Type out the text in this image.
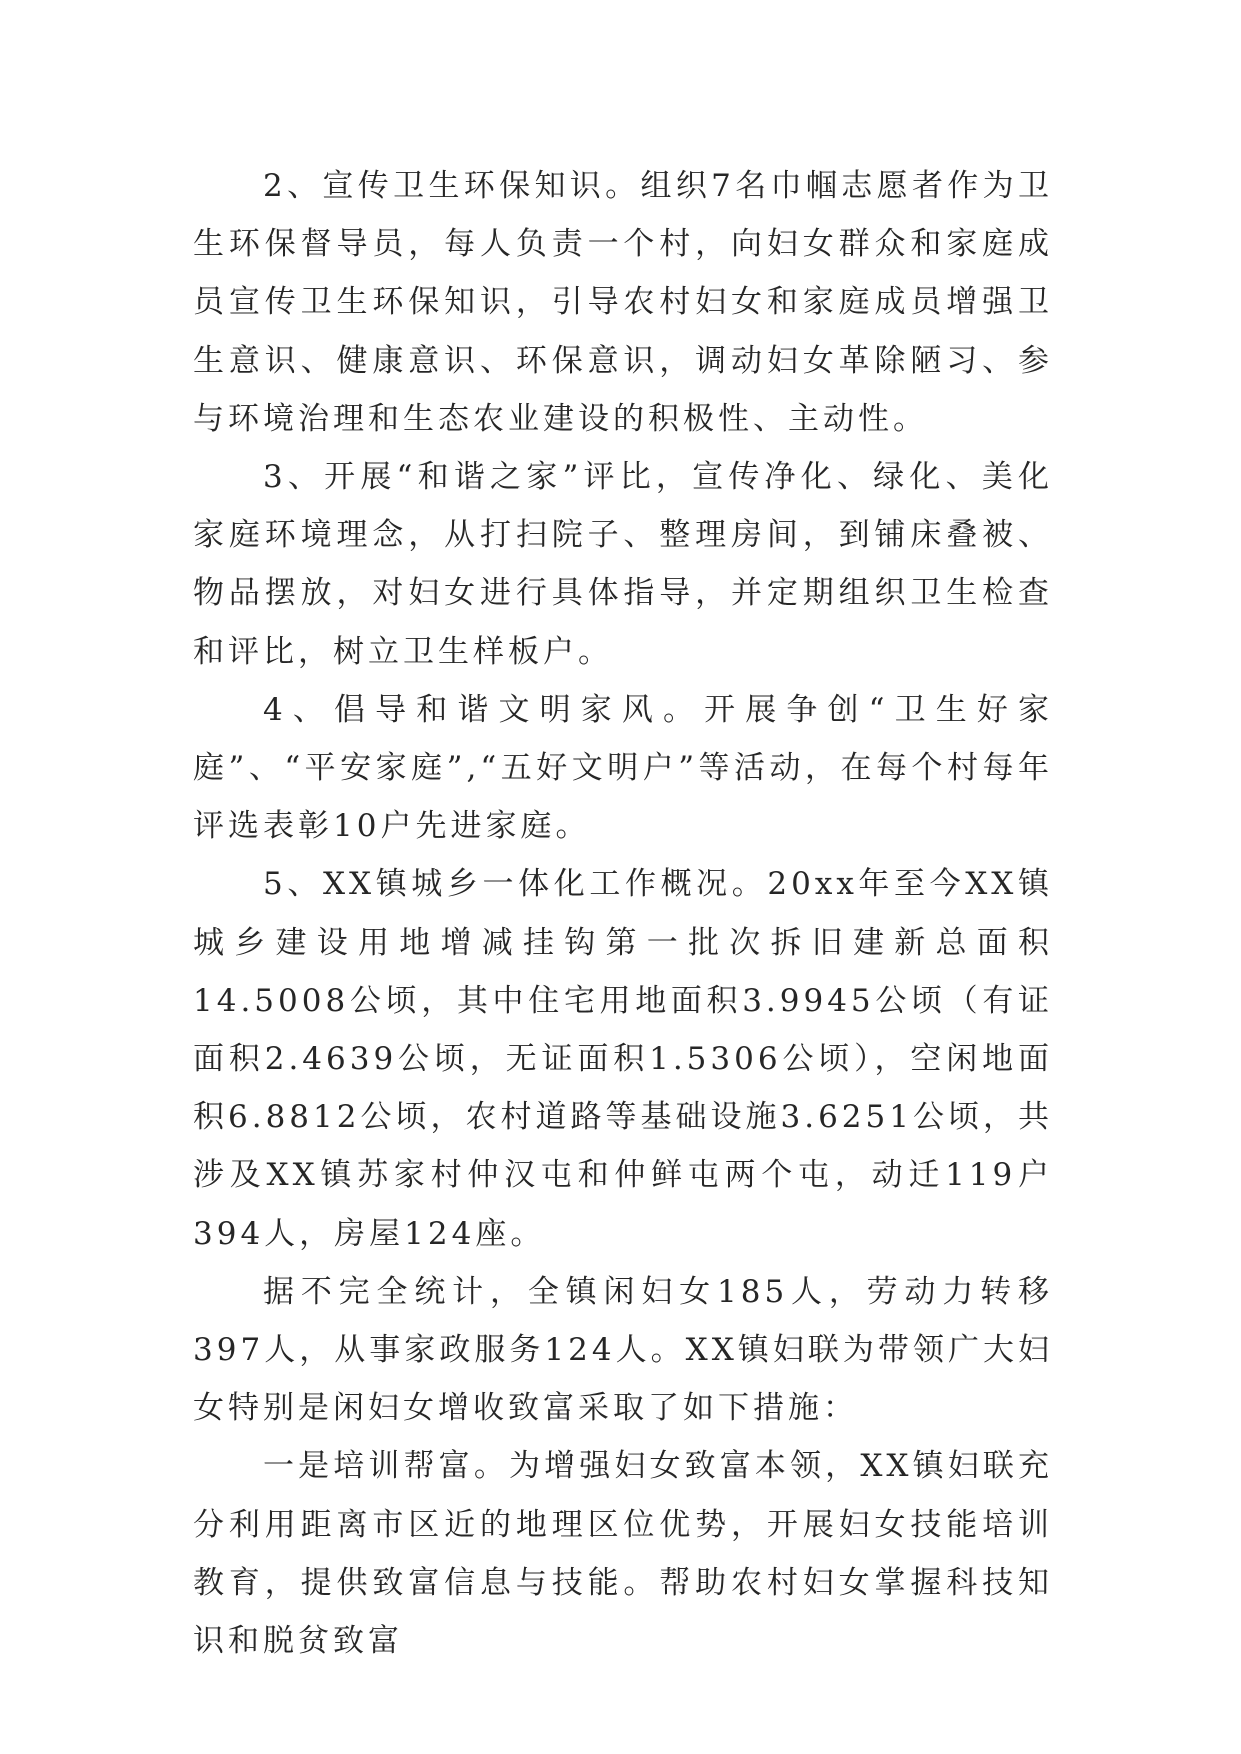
2、宣传卫生环保知识。组织7名巾帼志愿者作为卫生环保督导员，每人负责一个村，向妇女群众和家庭成员宣传卫生环保知识，引导农村妇女和家庭成员增强卫生意识、健康意识、环保意识，调动妇女革除陋习、参与环境治理和生态农业建设的积极性、主动性。

3、开展“和谐之家”评比，宣传净化、绿化、美化家庭环境理念，从打扫院子、整理房间，到铺床叠被、物品摆放，对妇女进行具体指导，并定期组织卫生检查和评比，树立卫生样板户。

4、倡导和谐文明家风。开展争创“卫生好家庭”、“平安家庭”,“五好文明户”等活动，在每个村每年评选表彰10户先进家庭。

5、XX镇城乡一体化工作概况。20xx年至今XX镇城乡建设用地增减挂钩第一批次拆旧建新总面积14.5008公顷，其中住宅用地面积3.9945公顷（有证面积2.4639公顷，无证面积1.5306公顷），空闲地面积6.8812公顷，农村道路等基础设施3.6251公顷，共涉及XX镇苏家村仲汉屯和仲鲜屯两个屯，动迁119户394人，房屋124座。

据不完全统计，全镇闲妇女185人，劳动力转移397人，从事家政服务124人。XX镇妇联为带领广大妇女特别是闲妇女增收致富采取了如下措施：

一是培训帮富。为增强妇女致富本领，XX镇妇联充分利用距离市区近的地理区位优势，开展妇女技能培训教育，提供致富信息与技能。帮助农村妇女掌握科技知识和脱贫致富
